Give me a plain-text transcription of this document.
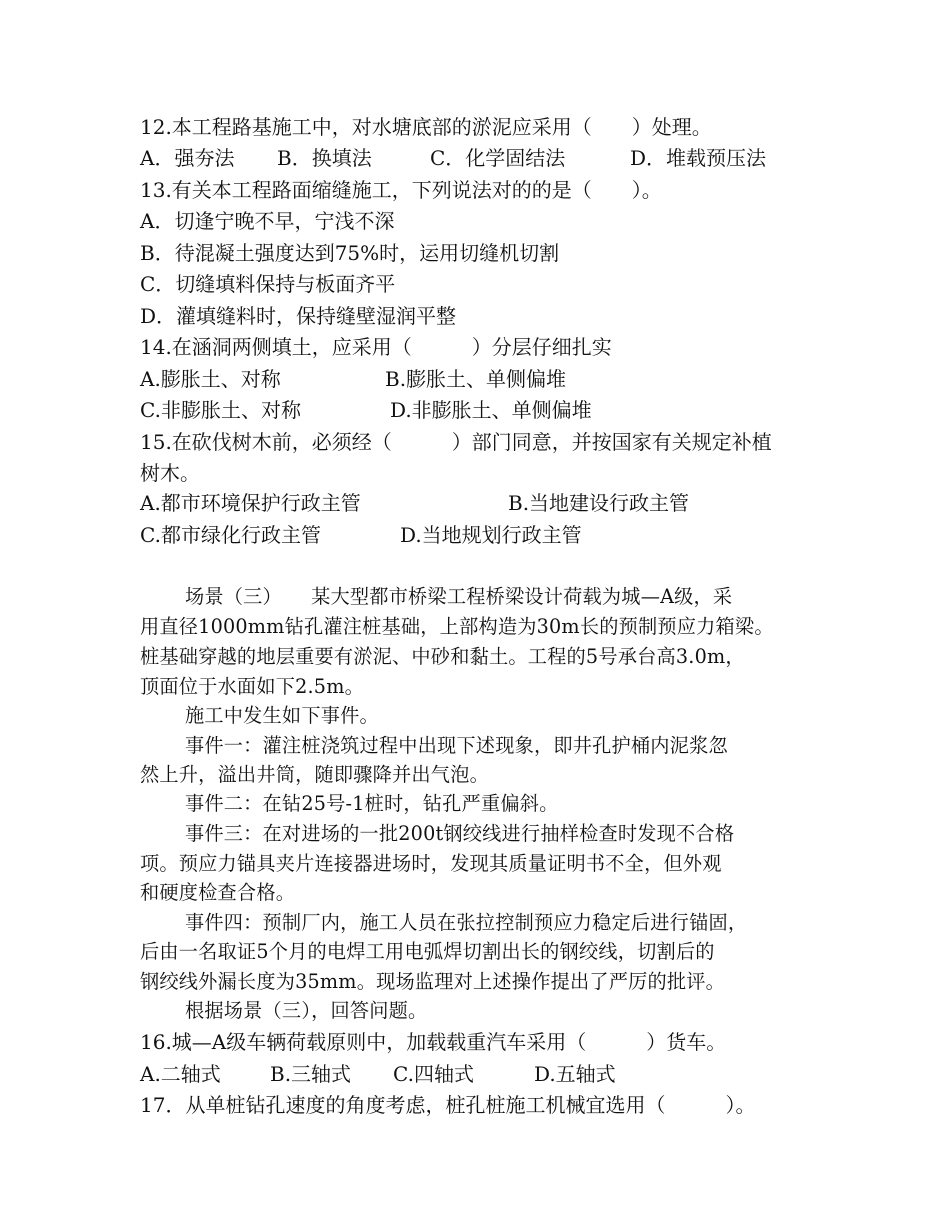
12.本工程路基施工中，对水塘底部的淤泥应采用（　　）处理。
A．强夯法 B．换填法	C．化学固结法	D．堆载预压法
13.有关本工程路面缩缝施工，下列说法对的的是（　　）。
A．切逢宁晚不早，宁浅不深
B．待混凝土强度达到75%时，运用切缝机切割
C．切缝填料保持与板面齐平
D．灌填缝料时，保持缝壁湿润平整
14.在涵洞两侧填土，应采用（　　　）分层仔细扎实
A.膨胀土、对称	B.膨胀土、单侧偏堆
C.非膨胀土、对称	D.非膨胀土、单侧偏堆
15.在砍伐树木前，必须经（　　　）部门同意，并按国家有关规定补植
树木。
A.都市环境保护行政主管	B.当地建设行政主管
C.都市绿化行政主管	D.当地规划行政主管
场景（三）　　某大型都市桥梁工程桥梁设计荷载为城—A级，采
用直径1000mm钻孔灌注桩基础，上部构造为30m长的预制预应力箱梁。
桩基础穿越的地层重要有淤泥、中砂和黏土。工程的5号承台高3.0m，
顶面位于水面如下2.5m。
施工中发生如下事件。
事件一：灌注桩浇筑过程中出现下述现象，即井孔护桶内泥浆忽
然上升，溢出井筒，随即骤降并出气泡。
事件二：在钻25号-1桩时，钻孔严重偏斜。
事件三：在对进场的一批200t钢绞线进行抽样检查时发现不合格
项。预应力锚具夹片连接器进场时，发现其质量证明书不全，但外观
和硬度检查合格。
事件四：预制厂内，施工人员在张拉控制预应力稳定后进行锚固，
后由一名取证5个月的电焊工用电弧焊切割出长的钢绞线，切割后的
钢绞线外漏长度为35mm。现场监理对上述操作提出了严厉的批评。
根据场景（三），回答问题。
16.城—A级车辆荷载原则中，加载载重汽车采用（　　　）货车。
A.二轴式 B.三轴式 C.四轴式	D.五轴式
17．从单桩钻孔速度的角度考虑，桩孔桩施工机械宜选用（　　　）。
